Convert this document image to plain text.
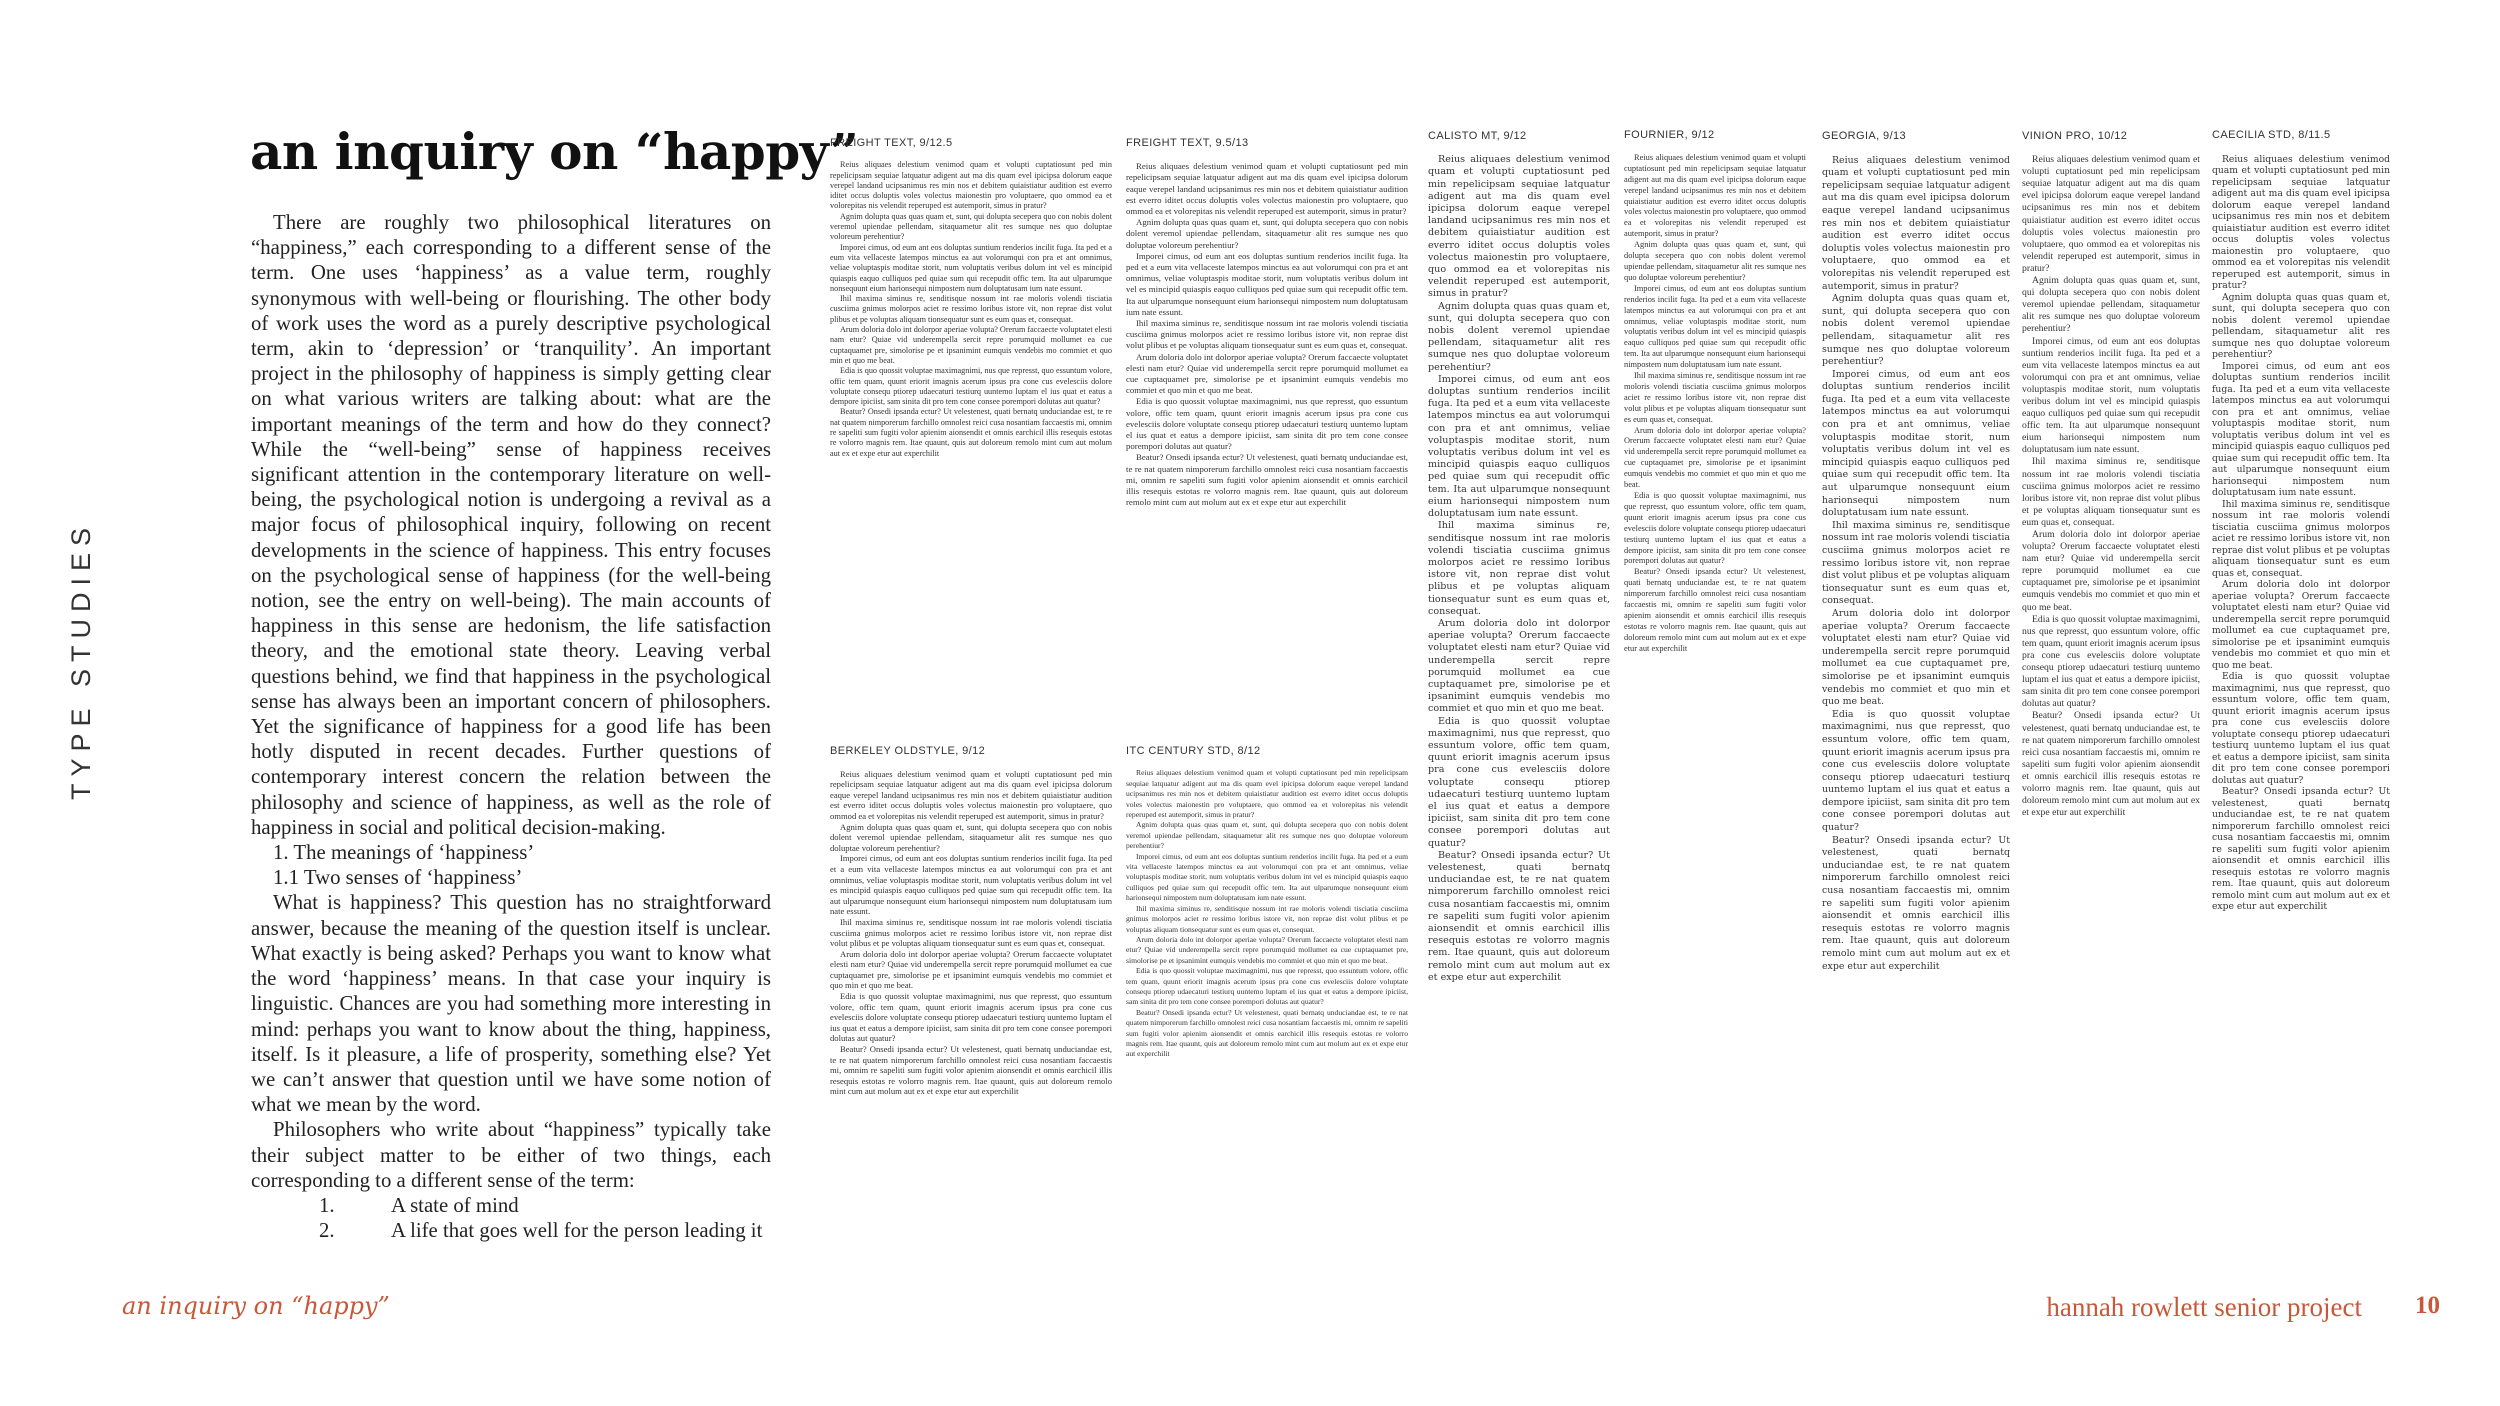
TYPE STUDIES
an inquiry on “happy”

There are roughly two philosophical literatures on “happiness,” each corresponding to a different sense of the term. One uses ‘happiness’ as a value term, roughly synonymous with well-being or flourishing. The other body of work uses the word as a purely descriptive psychological term, akin to ‘depression’ or ‘tranquility’. An important project in the philosophy of happiness is simply getting clear on what various writers are talking about: what are the important meanings of the term and how do they connect? While the “well-being” sense of happiness receives significant attention in the contemporary literature on well-being, the psychological notion is undergoing a revival as a major focus of philosophical inquiry, following on recent developments in the science of happiness. This entry focuses on the psychological sense of happiness (for the well-being notion, see the entry on well-being). The main accounts of happiness in this sense are hedonism, the life satisfaction theory, and the emotional state theory. Leaving verbal questions behind, we find that happiness in the psychological sense has always been an important concern of philosophers. Yet the significance of happiness for a good life has been hotly disputed in recent decades. Further questions of contemporary interest concern the relation between the philosophy and science of happiness, as well as the role of happiness in social and political decision-making.

1. The meanings of ‘happiness’

1.1 Two senses of ‘happiness’

What is happiness? This question has no straightforward answer, because the meaning of the question itself is unclear. What exactly is being asked? Perhaps you want to know what the word ‘happiness’ means. In that case your inquiry is linguistic. Chances are you had something more interesting in mind: perhaps you want to know about the thing, happiness, itself. Is it pleasure, a life of prosperity, something else? Yet we can’t answer that question until we have some notion of what we mean by the word.

Philosophers who write about “happiness” typically take their subject matter to be either of two things, each corresponding to a different sense of the term:

1.	A state of mind
2.	A life that goes well for the person leading it
FREIGHT TEXT, 9/12.5

Reius aliquaes delestium venimod quam et volupti cuptatiosunt ped min repelicipsam sequiae latquatur adigent aut ma dis quam evel ipicipsa dolorum eaque verepel landand ucipsanimus res min nos et debitem quiaistiatur audition est everro iditet occus doluptis voles volectus maionestin pro voluptaere, quo ommod ea et volorepitas nis velendit reperuped est autemporit, simus in pratur?

Agnim dolupta quas quas quam et, sunt, qui dolupta secepera quo con nobis dolent veremol upiendae pellendam, sitaquametur alit res sumque nes quo doluptae voloreum perehentiur?

Imporei cimus, od eum ant eos doluptas suntium renderios incilit fuga. Ita ped et a eum vita vellaceste latempos minctus ea aut volorumqui con pra et ant omnimus, veliae voluptaspis moditae storit, num voluptatis veribus dolum int vel es mincipid quiaspis eaquo culliquos ped quiae sum qui recepudit offic tem. Ita aut ulparumque nonsequunt eium harionsequi nimpostem num doluptatusam ium nate essunt.

Ihil maxima siminus re, senditisque nossum int rae moloris volendi tisciatia cusciima gnimus molorpos aciet re ressimo loribus istore vit, non reprae dist volut plibus et pe voluptas aliquam tionsequatur sunt es eum quas et, consequat.

Arum doloria dolo int dolorpor aperiae volupta? Orerum faccaecte voluptatet elesti nam etur? Quiae vid underempella sercit repre porumquid mollumet ea cue cuptaquamet pre, simolorise pe et ipsanimint eumquis vendebis mo commiet et quo min et quo me beat.

Edia is quo quossit voluptae maximagnimi, nus que represst, quo essuntum volore, offic tem quam, quunt eriorit imagnis acerum ipsus pra cone cus evelesciis dolore voluptate consequ ptiorep udaecaturi testiurq uuntemo luptam el ius quat et eatus a dempore ipiciist, sam sinita dit pro tem cone consee porempori dolutas aut quatur?

Beatur? Onsedi ipsanda ectur? Ut velestenest, quati bernatq unduciandae est, te re nat quatem nimporerum farchillo omnolest reici cusa nosantiam faccaestis mi, omnim re sapeliti sum fugiti volor apienim aionsendit et omnis earchicil illis resequis estotas re volorro magnis rem. Itae quaunt, quis aut doloreum remolo mint cum aut molum aut ex et expe etur aut experchilit

FREIGHT TEXT, 9.5/13

Reius aliquaes delestium venimod quam et volupti cuptatiosunt ped min repelicipsam sequiae latquatur adigent aut ma dis quam evel ipicipsa dolorum eaque verepel landand ucipsanimus res min nos et debitem quiaistiatur audition est everro iditet occus doluptis voles volectus maionestin pro voluptaere, quo ommod ea et volorepitas nis velendit reperuped est autemporit, simus in pratur?

Agnim dolupta quas quas quam et, sunt, qui dolupta secepera quo con nobis dolent veremol upiendae pellendam, sitaquametur alit res sumque nes quo doluptae voloreum perehentiur?

Imporei cimus, od eum ant eos doluptas suntium renderios incilit fuga. Ita ped et a eum vita vellaceste latempos minctus ea aut volorumqui con pra et ant omnimus, veliae voluptaspis moditae storit, num voluptatis veribus dolum int vel es mincipid quiaspis eaquo culliquos ped quiae sum qui recepudit offic tem. Ita aut ulparumque nonsequunt eium harionsequi nimpostem num doluptatusam ium nate essunt.

Ihil maxima siminus re, senditisque nossum int rae moloris volendi tisciatia cusciima gnimus molorpos aciet re ressimo loribus istore vit, non reprae dist volut plibus et pe voluptas aliquam tionsequatur sunt es eum quas et, consequat.

Arum doloria dolo int dolorpor aperiae volupta? Orerum faccaecte voluptatet elesti nam etur? Quiae vid underempella sercit repre porumquid mollumet ea cue cuptaquamet pre, simolorise pe et ipsanimint eumquis vendebis mo commiet et quo min et quo me beat.

Edia is quo quossit voluptae maximagnimi, nus que represst, quo essuntum volore, offic tem quam, quunt eriorit imagnis acerum ipsus pra cone cus evelesciis dolore voluptate consequ ptiorep udaecaturi testiurq uuntemo luptam el ius quat et eatus a dempore ipiciist, sam sinita dit pro tem cone consee porempori dolutas aut quatur?

Beatur? Onsedi ipsanda ectur? Ut velestenest, quati bernatq unduciandae est, te re nat quatem nimporerum farchillo omnolest reici cusa nosantiam faccaestis mi, omnim re sapeliti sum fugiti volor apienim aionsendit et omnis earchicil illis resequis estotas re volorro magnis rem. Itae quaunt, quis aut doloreum remolo mint cum aut molum aut ex et expe etur aut experchilit

CALISTO MT, 9/12

Reius aliquaes delestium venimod quam et volupti cuptatiosunt ped min repelicipsam sequiae latquatur adigent aut ma dis quam evel ipicipsa dolorum eaque verepel landand ucipsanimus res min nos et debitem quiaistiatur audition est everro iditet occus doluptis voles volectus maionestin pro voluptaere, quo ommod ea et volorepitas nis velendit reperuped est autemporit, simus in pratur?

Agnim dolupta quas quas quam et, sunt, qui dolupta secepera quo con nobis dolent veremol upiendae pellendam, sitaquametur alit res sumque nes quo doluptae voloreum perehentiur?

Imporei cimus, od eum ant eos doluptas suntium renderios incilit fuga. Ita ped et a eum vita vellaceste latempos minctus ea aut volorumqui con pra et ant omnimus, veliae voluptaspis moditae storit, num voluptatis veribus dolum int vel es mincipid quiaspis eaquo culliquos ped quiae sum qui recepudit offic tem. Ita aut ulparumque nonsequunt eium harionsequi nimpostem num doluptatusam ium nate essunt.

Ihil maxima siminus re, senditisque nossum int rae moloris volendi tisciatia cusciima gnimus molorpos aciet re ressimo loribus istore vit, non reprae dist volut plibus et pe voluptas aliquam tionsequatur sunt es eum quas et, consequat.

Arum doloria dolo int dolorpor aperiae volupta? Orerum faccaecte voluptatet elesti nam etur? Quiae vid underempella sercit repre porumquid mollumet ea cue cuptaquamet pre, simolorise pe et ipsanimint eumquis vendebis mo commiet et quo min et quo me beat.

Edia is quo quossit voluptae maximagnimi, nus que represst, quo essuntum volore, offic tem quam, quunt eriorit imagnis acerum ipsus pra cone cus evelesciis dolore voluptate consequ ptiorep udaecaturi testiurq uuntemo luptam el ius quat et eatus a dempore ipiciist, sam sinita dit pro tem cone consee porempori dolutas aut quatur?

Beatur? Onsedi ipsanda ectur? Ut velestenest, quati bernatq unduciandae est, te re nat quatem nimporerum farchillo omnolest reici cusa nosantiam faccaestis mi, omnim re sapeliti sum fugiti volor apienim aionsendit et omnis earchicil illis resequis estotas re volorro magnis rem. Itae quaunt, quis aut doloreum remolo mint cum aut molum aut ex et expe etur aut experchilit

FOURNIER, 9/12

Reius aliquaes delestium venimod quam et volupti cuptatiosunt ped min repelicipsam sequiae latquatur adigent aut ma dis quam evel ipicipsa dolorum eaque verepel landand ucipsanimus res min nos et debitem quiaistiatur audition est everro iditet occus doluptis voles volectus maionestin pro voluptaere, quo ommod ea et volorepitas nis velendit reperuped est autemporit, simus in pratur?

Agnim dolupta quas quas quam et, sunt, qui dolupta secepera quo con nobis dolent veremol upiendae pellendam, sitaquametur alit res sumque nes quo doluptae voloreum perehentiur?

Imporei cimus, od eum ant eos doluptas suntium renderios incilit fuga. Ita ped et a eum vita vellaceste latempos minctus ea aut volorumqui con pra et ant omnimus, veliae voluptaspis moditae storit, num voluptatis veribus dolum int vel es mincipid quiaspis eaquo culliquos ped quiae sum qui recepudit offic tem. Ita aut ulparumque nonsequunt eium harionsequi nimpostem num doluptatusam ium nate essunt.

Ihil maxima siminus re, senditisque nossum int rae moloris volendi tisciatia cusciima gnimus molorpos aciet re ressimo loribus istore vit, non reprae dist volut plibus et pe voluptas aliquam tionsequatur sunt es eum quas et, consequat.

Arum doloria dolo int dolorpor aperiae volupta? Orerum faccaecte voluptatet elesti nam etur? Quiae vid underempella sercit repre porumquid mollumet ea cue cuptaquamet pre, simolorise pe et ipsanimint eumquis vendebis mo commiet et quo min et quo me beat.

Edia is quo quossit voluptae maximagnimi, nus que represst, quo essuntum volore, offic tem quam, quunt eriorit imagnis acerum ipsus pra cone cus evelesciis dolore voluptate consequ ptiorep udaecaturi testiurq uuntemo luptam el ius quat et eatus a dempore ipiciist, sam sinita dit pro tem cone consee porempori dolutas aut quatur?

Beatur? Onsedi ipsanda ectur? Ut velestenest, quati bernatq unduciandae est, te re nat quatem nimporerum farchillo omnolest reici cusa nosantiam faccaestis mi, omnim re sapeliti sum fugiti volor apienim aionsendit et omnis earchicil illis resequis estotas re volorro magnis rem. Itae quaunt, quis aut doloreum remolo mint cum aut molum aut ex et expe etur aut experchilit

GEORGIA, 9/13

Reius aliquaes delestium venimod quam et volupti cuptatiosunt ped min repelicipsam sequiae latquatur adigent aut ma dis quam evel ipicipsa dolorum eaque verepel landand ucipsanimus res min nos et debitem quiaistiatur audition est everro iditet occus doluptis voles volectus maionestin pro voluptaere, quo ommod ea et volorepitas nis velendit reperuped est autemporit, simus in pratur?

Agnim dolupta quas quas quam et, sunt, qui dolupta secepera quo con nobis dolent veremol upiendae pellendam, sitaquametur alit res sumque nes quo doluptae voloreum perehentiur?

Imporei cimus, od eum ant eos doluptas suntium renderios incilit fuga. Ita ped et a eum vita vellaceste latempos minctus ea aut volorumqui con pra et ant omnimus, veliae voluptaspis moditae storit, num voluptatis veribus dolum int vel es mincipid quiaspis eaquo culliquos ped quiae sum qui recepudit offic tem. Ita aut ulparumque nonsequunt eium harionsequi nimpostem num doluptatusam ium nate essunt.

Ihil maxima siminus re, senditisque nossum int rae moloris volendi tisciatia cusciima gnimus molorpos aciet re ressimo loribus istore vit, non reprae dist volut plibus et pe voluptas aliquam tionsequatur sunt es eum quas et, consequat.

Arum doloria dolo int dolorpor aperiae volupta? Orerum faccaecte voluptatet elesti nam etur? Quiae vid underempella sercit repre porumquid mollumet ea cue cuptaquamet pre, simolorise pe et ipsanimint eumquis vendebis mo commiet et quo min et quo me beat.

Edia is quo quossit voluptae maximagnimi, nus que represst, quo essuntum volore, offic tem quam, quunt eriorit imagnis acerum ipsus pra cone cus evelesciis dolore voluptate consequ ptiorep udaecaturi testiurq uuntemo luptam el ius quat et eatus a dempore ipiciist, sam sinita dit pro tem cone consee porempori dolutas aut quatur?

Beatur? Onsedi ipsanda ectur? Ut velestenest, quati bernatq unduciandae est, te re nat quatem nimporerum farchillo omnolest reici cusa nosantiam faccaestis mi, omnim re sapeliti sum fugiti volor apienim aionsendit et omnis earchicil illis resequis estotas re volorro magnis rem. Itae quaunt, quis aut doloreum remolo mint cum aut molum aut ex et expe etur aut experchilit

VINION PRO, 10/12

Reius aliquaes delestium venimod quam et volupti cuptatiosunt ped min repelicipsam sequiae latquatur adigent aut ma dis quam evel ipicipsa dolorum eaque verepel landand ucipsanimus res min nos et debitem quiaistiatur audition est everro iditet occus doluptis voles volectus maionestin pro voluptaere, quo ommod ea et volorepitas nis velendit reperuped est autemporit, simus in pratur?

Agnim dolupta quas quas quam et, sunt, qui dolupta secepera quo con nobis dolent veremol upiendae pellendam, sitaquametur alit res sumque nes quo doluptae voloreum perehentiur?

Imporei cimus, od eum ant eos doluptas suntium renderios incilit fuga. Ita ped et a eum vita vellaceste latempos minctus ea aut volorumqui con pra et ant omnimus, veliae voluptaspis moditae storit, num voluptatis veribus dolum int vel es mincipid quiaspis eaquo culliquos ped quiae sum qui recepudit offic tem. Ita aut ulparumque nonsequunt eium harionsequi nimpostem num doluptatusam ium nate essunt.

Ihil maxima siminus re, senditisque nossum int rae moloris volendi tisciatia cusciima gnimus molorpos aciet re ressimo loribus istore vit, non reprae dist volut plibus et pe voluptas aliquam tionsequatur sunt es eum quas et, consequat.

Arum doloria dolo int dolorpor aperiae volupta? Orerum faccaecte voluptatet elesti nam etur? Quiae vid underempella sercit repre porumquid mollumet ea cue cuptaquamet pre, simolorise pe et ipsanimint eumquis vendebis mo commiet et quo min et quo me beat.

Edia is quo quossit voluptae maximagnimi, nus que represst, quo essuntum volore, offic tem quam, quunt eriorit imagnis acerum ipsus pra cone cus evelesciis dolore voluptate consequ ptiorep udaecaturi testiurq uuntemo luptam el ius quat et eatus a dempore ipiciist, sam sinita dit pro tem cone consee porempori dolutas aut quatur?

Beatur? Onsedi ipsanda ectur? Ut velestenest, quati bernatq unduciandae est, te re nat quatem nimporerum farchillo omnolest reici cusa nosantiam faccaestis mi, omnim re sapeliti sum fugiti volor apienim aionsendit et omnis earchicil illis resequis estotas re volorro magnis rem. Itae quaunt, quis aut doloreum remolo mint cum aut molum aut ex et expe etur aut experchilit

CAECILIA STD, 8/11.5

Reius aliquaes delestium venimod quam et volupti cuptatiosunt ped min repelicipsam sequiae latquatur adigent aut ma dis quam evel ipicipsa dolorum eaque verepel landand ucipsanimus res min nos et debitem quiaistiatur audition est everro iditet occus doluptis voles volectus maionestin pro voluptaere, quo ommod ea et volorepitas nis velendit reperuped est autemporit, simus in pratur?

Agnim dolupta quas quas quam et, sunt, qui dolupta secepera quo con nobis dolent veremol upiendae pellendam, sitaquametur alit res sumque nes quo doluptae voloreum perehentiur?

Imporei cimus, od eum ant eos doluptas suntium renderios incilit fuga. Ita ped et a eum vita vellaceste latempos minctus ea aut volorumqui con pra et ant omnimus, veliae voluptaspis moditae storit, num voluptatis veribus dolum int vel es mincipid quiaspis eaquo culliquos ped quiae sum qui recepudit offic tem. Ita aut ulparumque nonsequunt eium harionsequi nimpostem num doluptatusam ium nate essunt.

Ihil maxima siminus re, senditisque nossum int rae moloris volendi tisciatia cusciima gnimus molorpos aciet re ressimo loribus istore vit, non reprae dist volut plibus et pe voluptas aliquam tionsequatur sunt es eum quas et, consequat.

Arum doloria dolo int dolorpor aperiae volupta? Orerum faccaecte voluptatet elesti nam etur? Quiae vid underempella sercit repre porumquid mollumet ea cue cuptaquamet pre, simolorise pe et ipsanimint eumquis vendebis mo commiet et quo min et quo me beat.

Edia is quo quossit voluptae maximagnimi, nus que represst, quo essuntum volore, offic tem quam, quunt eriorit imagnis acerum ipsus pra cone cus evelesciis dolore voluptate consequ ptiorep udaecaturi testiurq uuntemo luptam el ius quat et eatus a dempore ipiciist, sam sinita dit pro tem cone consee porempori dolutas aut quatur?

Beatur? Onsedi ipsanda ectur? Ut velestenest, quati bernatq unduciandae est, te re nat quatem nimporerum farchillo omnolest reici cusa nosantiam faccaestis mi, omnim re sapeliti sum fugiti volor apienim aionsendit et omnis earchicil illis resequis estotas re volorro magnis rem. Itae quaunt, quis aut doloreum remolo mint cum aut molum aut ex et expe etur aut experchilit

BERKELEY OLDSTYLE, 9/12

Reius aliquaes delestium venimod quam et volupti cuptatiosunt ped min repelicipsam sequiae latquatur adigent aut ma dis quam evel ipicipsa dolorum eaque verepel landand ucipsanimus res min nos et debitem quiaistiatur audition est everro iditet occus doluptis voles volectus maionestin pro voluptaere, quo ommod ea et volorepitas nis velendit reperuped est autemporit, simus in pratur?

Agnim dolupta quas quas quam et, sunt, qui dolupta secepera quo con nobis dolent veremol upiendae pellendam, sitaquametur alit res sumque nes quo doluptae voloreum perehentiur?

Imporei cimus, od eum ant eos doluptas suntium renderios incilit fuga. Ita ped et a eum vita vellaceste latempos minctus ea aut volorumqui con pra et ant omnimus, veliae voluptaspis moditae storit, num voluptatis veribus dolum int vel es mincipid quiaspis eaquo culliquos ped quiae sum qui recepudit offic tem. Ita aut ulparumque nonsequunt eium harionsequi nimpostem num doluptatusam ium nate essunt.

Ihil maxima siminus re, senditisque nossum int rae moloris volendi tisciatia cusciima gnimus molorpos aciet re ressimo loribus istore vit, non reprae dist volut plibus et pe voluptas aliquam tionsequatur sunt es eum quas et, consequat.

Arum doloria dolo int dolorpor aperiae volupta? Orerum faccaecte voluptatet elesti nam etur? Quiae vid underempella sercit repre porumquid mollumet ea cue cuptaquamet pre, simolorise pe et ipsanimint eumquis vendebis mo commiet et quo min et quo me beat.

Edia is quo quossit voluptae maximagnimi, nus que represst, quo essuntum volore, offic tem quam, quunt eriorit imagnis acerum ipsus pra cone cus evelesciis dolore voluptate consequ ptiorep udaecaturi testiurq uuntemo luptam el ius quat et eatus a dempore ipiciist, sam sinita dit pro tem cone consee porempori dolutas aut quatur?

Beatur? Onsedi ipsanda ectur? Ut velestenest, quati bernatq unduciandae est, te re nat quatem nimporerum farchillo omnolest reici cusa nosantiam faccaestis mi, omnim re sapeliti sum fugiti volor apienim aionsendit et omnis earchicil illis resequis estotas re volorro magnis rem. Itae quaunt, quis aut doloreum remolo mint cum aut molum aut ex et expe etur aut experchilit

ITC CENTURY STD, 8/12

Reius aliquaes delestium venimod quam et volupti cuptatiosunt ped min repelicipsam sequiae latquatur adigent aut ma dis quam evel ipicipsa dolorum eaque verepel landand ucipsanimus res min nos et debitem quiaistiatur audition est everro iditet occus doluptis voles volectus maionestin pro voluptaere, quo ommod ea et volorepitas nis velendit reperuped est autemporit, simus in pratur?

Agnim dolupta quas quas quam et, sunt, qui dolupta secepera quo con nobis dolent veremol upiendae pellendam, sitaquametur alit res sumque nes quo doluptae voloreum perehentiur?

Imporei cimus, od eum ant eos doluptas suntium renderios incilit fuga. Ita ped et a eum vita vellaceste latempos minctus ea aut volorumqui con pra et ant omnimus, veliae voluptaspis moditae storit, num voluptatis veribus dolum int vel es mincipid quiaspis eaquo culliquos ped quiae sum qui recepudit offic tem. Ita aut ulparumque nonsequunt eium harionsequi nimpostem num doluptatusam ium nate essunt.

Ihil maxima siminus re, senditisque nossum int rae moloris volendi tisciatia cusciima gnimus molorpos aciet re ressimo loribus istore vit, non reprae dist volut plibus et pe voluptas aliquam tionsequatur sunt es eum quas et, consequat.

Arum doloria dolo int dolorpor aperiae volupta? Orerum faccaecte voluptatet elesti nam etur? Quiae vid underempella sercit repre porumquid mollumet ea cue cuptaquamet pre, simolorise pe et ipsanimint eumquis vendebis mo commiet et quo min et quo me beat.

Edia is quo quossit voluptae maximagnimi, nus que represst, quo essuntum volore, offic tem quam, quunt eriorit imagnis acerum ipsus pra cone cus evelesciis dolore voluptate consequ ptiorep udaecaturi testiurq uuntemo luptam el ius quat et eatus a dempore ipiciist, sam sinita dit pro tem cone consee porempori dolutas aut quatur?

Beatur? Onsedi ipsanda ectur? Ut velestenest, quati bernatq unduciandae est, te re nat quatem nimporerum farchillo omnolest reici cusa nosantiam faccaestis mi, omnim re sapeliti sum fugiti volor apienim aionsendit et omnis earchicil illis resequis estotas re volorro magnis rem. Itae quaunt, quis aut doloreum remolo mint cum aut molum aut ex et expe etur aut experchilit

an inquiry on “happy”	hannah rowlett senior project 10
